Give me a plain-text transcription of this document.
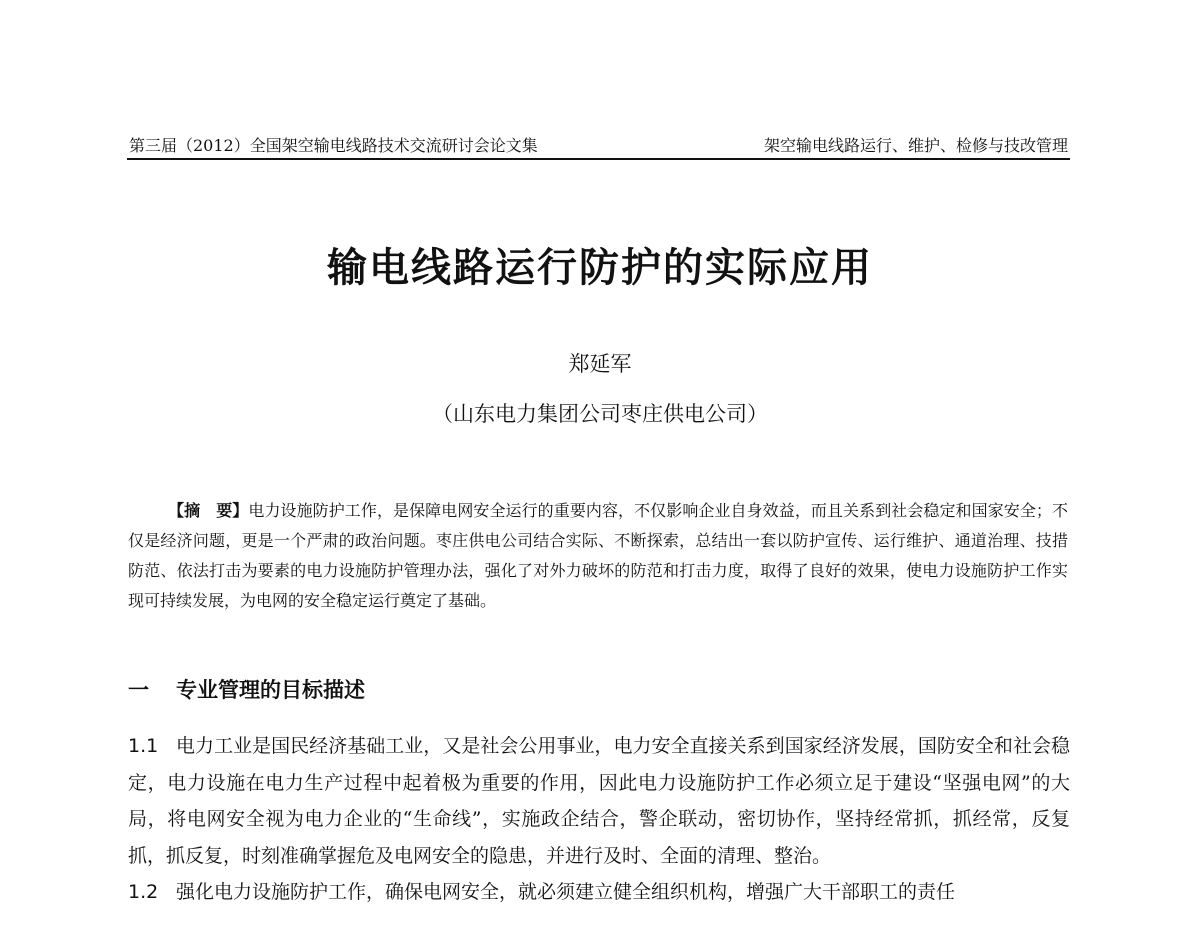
第三届（2012）全国架空输电线路技术交流研讨会论文集	架空输电线路运行、维护、检修与技改管理
输电线路运行防护的实际应用
郑延军
（山东电力集团公司枣庄供电公司）
【摘　要】电力设施防护工作，是保障电网安全运行的重要内容，不仅影响企业自身效益，而且关系到社会稳定和国家安全；不仅是经济问题，更是一个严肃的政治问题。枣庄供电公司结合实际、不断探索，总结出一套以防护宣传、运行维护、通道治理、技措防范、依法打击为要素的电力设施防护管理办法，强化了对外力破坏的防范和打击力度，取得了良好的效果，使电力设施防护工作实现可持续发展，为电网的安全稳定运行奠定了基础。
一 专业管理的目标描述

1.1 电力工业是国民经济基础工业，又是社会公用事业，电力安全直接关系到国家经济发展，国防安全和社会稳定，电力设施在电力生产过程中起着极为重要的作用，因此电力设施防护工作必须立足于建设“坚强电网”的大局，将电网安全视为电力企业的“生命线”，实施政企结合，警企联动，密切协作，坚持经常抓，抓经常，反复抓，抓反复，时刻准确掌握危及电网安全的隐患，并进行及时、全面的清理、整治。

1.2 强化电力设施防护工作，确保电网安全，就必须建立健全组织机构，增强广大干部职工的责任
